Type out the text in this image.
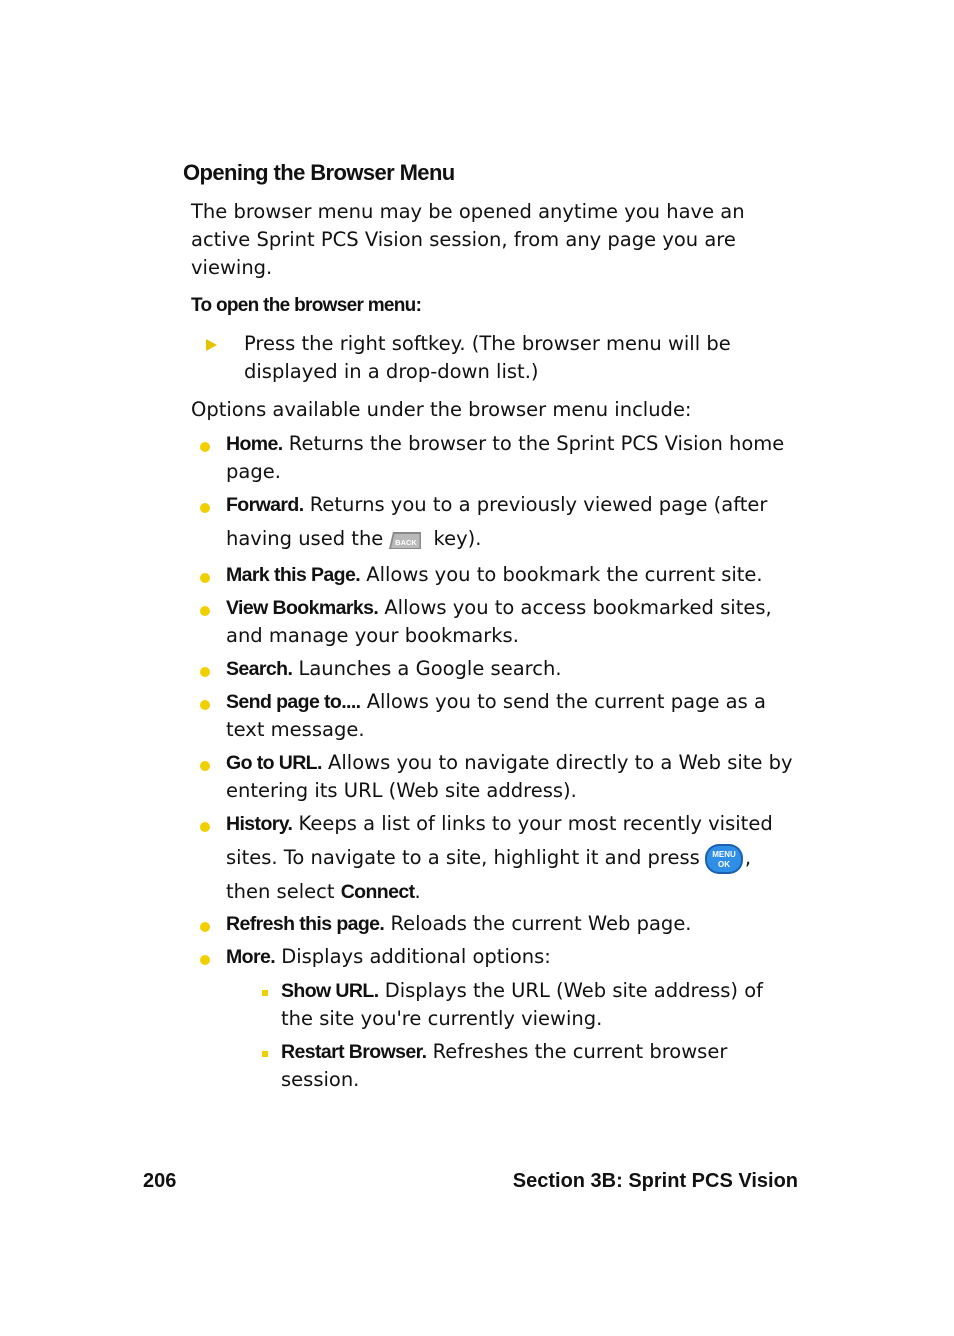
Opening the Browser Menu

The browser menu may be opened anytime you have an active Sprint PCS Vision session, from any page you are viewing.

To open the browser menu:

Press the right softkey. (The browser menu will be displayed in a drop-down list.)

Options available under the browser menu include:

Home. Returns the browser to the Sprint PCS Vision home page.
Forward. Returns you to a previously viewed page (after having used the BACK key).
Mark this Page. Allows you to bookmark the current site.
View Bookmarks. Allows you to access bookmarked sites, and manage your bookmarks.
Search. Launches a Google search.
Send page to.... Allows you to send the current page as a text message.
Go to URL. Allows you to navigate directly to a Web site by entering its URL (Web site address).
History. Keeps a list of links to your most recently visited sites. To navigate to a site, highlight it and press MENU
OK , then select Connect.
Refresh this page. Reloads the current Web page.
More. Displays additional options:
Show URL. Displays the URL (Web site address) of the site you're currently viewing.
Restart Browser. Refreshes the current browser session.
206	Section 3B: Sprint PCS Vision
